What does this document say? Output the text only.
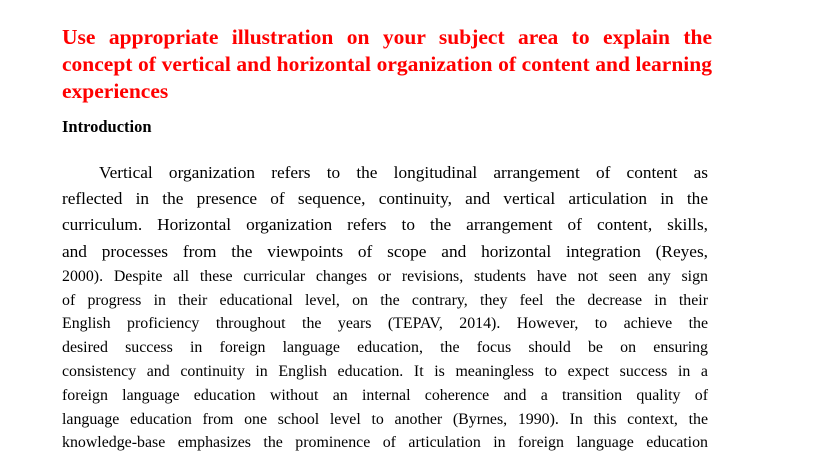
Use appropriate illustration on your subject area to explain the concept of vertical and horizontal organization of content and learning experiences
Introduction
Vertical organization refers to the longitudinal arrangement of content as
reflected in the presence of sequence, continuity, and vertical articulation in the
curriculum. Horizontal organization refers to the arrangement of content, skills,
and processes from the viewpoints of scope and horizontal integration (Reyes,
2000). Despite all these curricular changes or revisions, students have not seen any sign
of progress in their educational level, on the contrary, they feel the decrease in their
English proficiency throughout the years (TEPAV, 2014). However, to achieve the
desired success in foreign language education, the focus should be on ensuring
consistency and continuity in English education. It is meaningless to expect success in a
foreign language education without an internal coherence and a transition quality of
language education from one school level to another (Byrnes, 1990). In this context, the
knowledge-base emphasizes the prominence of articulation in foreign language education
